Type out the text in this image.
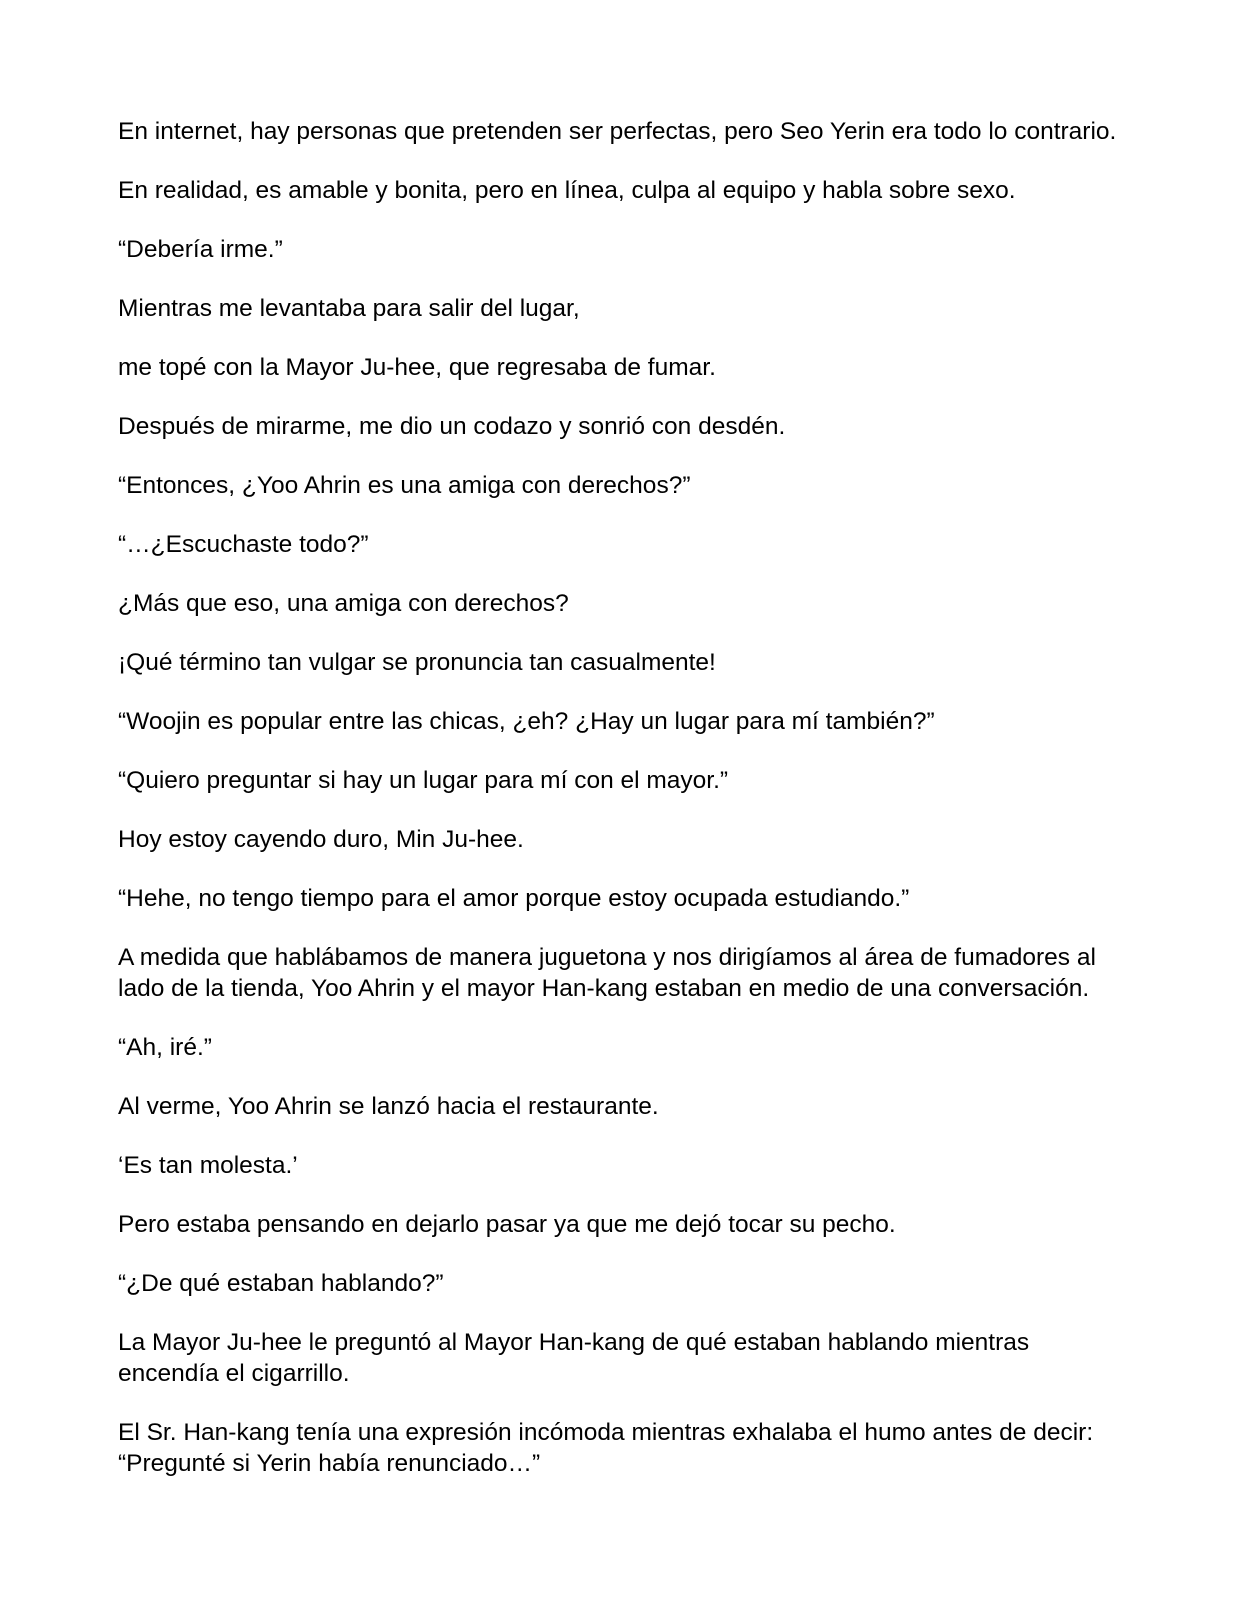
En internet, hay personas que pretenden ser perfectas, pero Seo Yerin era todo lo contrario.

En realidad, es amable y bonita, pero en línea, culpa al equipo y habla sobre sexo.

“Debería irme.”

Mientras me levantaba para salir del lugar,

me topé con la Mayor Ju-hee, que regresaba de fumar.

Después de mirarme, me dio un codazo y sonrió con desdén.

“Entonces, ¿Yoo Ahrin es una amiga con derechos?”

“…¿Escuchaste todo?”

¿Más que eso, una amiga con derechos?

¡Qué término tan vulgar se pronuncia tan casualmente!

“Woojin es popular entre las chicas, ¿eh? ¿Hay un lugar para mí también?”

“Quiero preguntar si hay un lugar para mí con el mayor.”

Hoy estoy cayendo duro, Min Ju-hee.

“Hehe, no tengo tiempo para el amor porque estoy ocupada estudiando.”

A medida que hablábamos de manera juguetona y nos dirigíamos al área de fumadores al lado de la tienda, Yoo Ahrin y el mayor Han-kang estaban en medio de una conversación.

“Ah, iré.”

Al verme, Yoo Ahrin se lanzó hacia el restaurante.

‘Es tan molesta.’

Pero estaba pensando en dejarlo pasar ya que me dejó tocar su pecho.

“¿De qué estaban hablando?”

La Mayor Ju-hee le preguntó al Mayor Han-kang de qué estaban hablando mientras encendía el cigarrillo.

El Sr. Han-kang tenía una expresión incómoda mientras exhalaba el humo antes de decir: “Pregunté si Yerin había renunciado…”
